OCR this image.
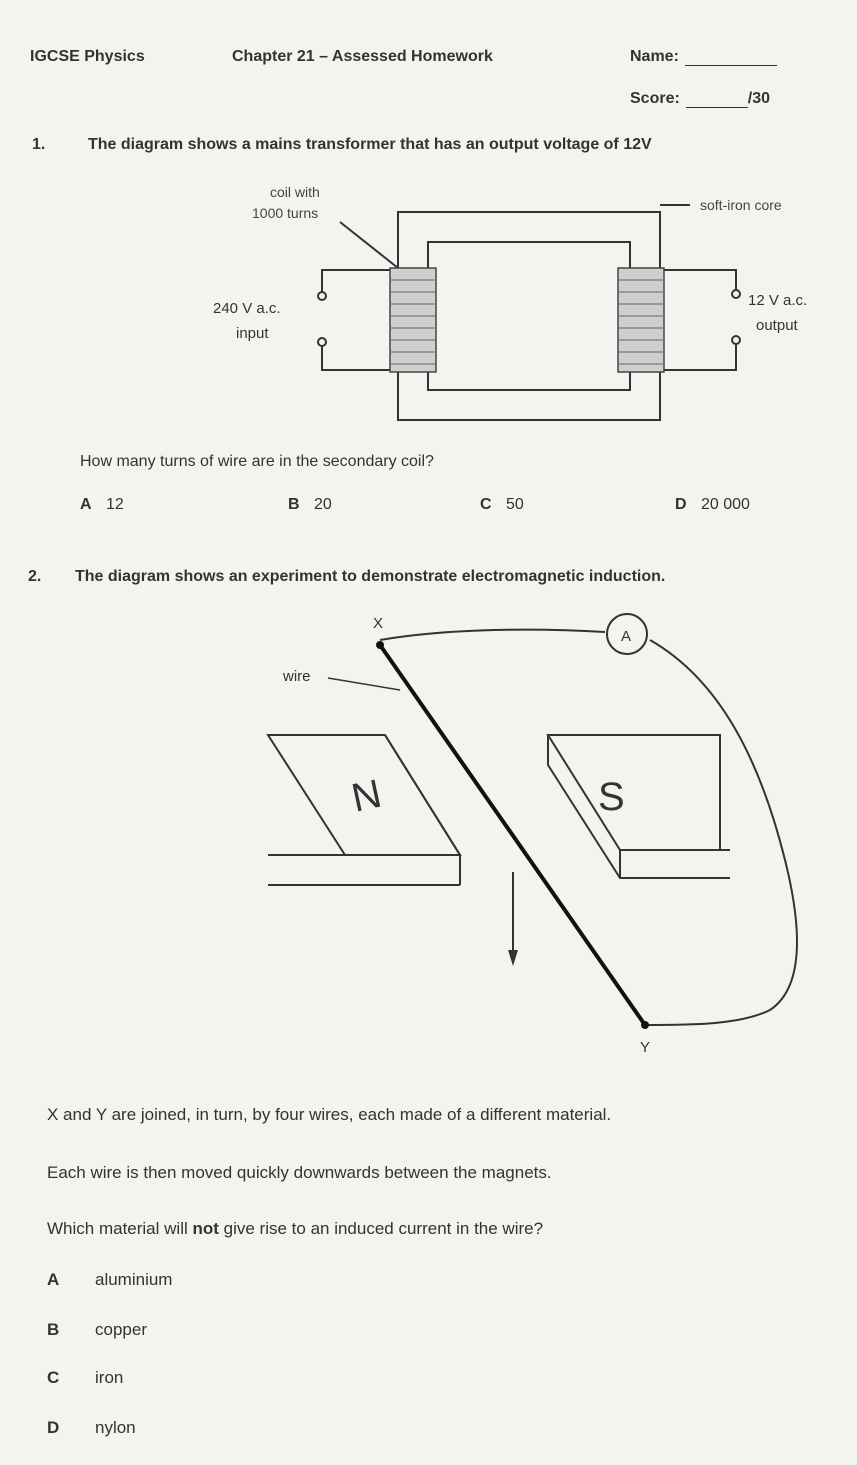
IGCSE Physics	Chapter 21 – Assessed Homework	Name:
Score:	/30
1.	The diagram shows a mains transformer that has an output voltage of 12V
coil with
1000 turns	soft-iron core
240 V a.c.
input
12 V a.c.
output
X
Y
wire
A
N	S
How many turns of wire are in the secondary coil?
A 12	B 20	C 50	D 20 000
2. The diagram shows an experiment to demonstrate electromagnetic induction.
X and Y are joined, in turn, by four wires, each made of a different material.
Each wire is then moved quickly downwards between the magnets.
Which material will not give rise to an induced current in the wire?
A aluminium
B copper
C iron
D nylon
